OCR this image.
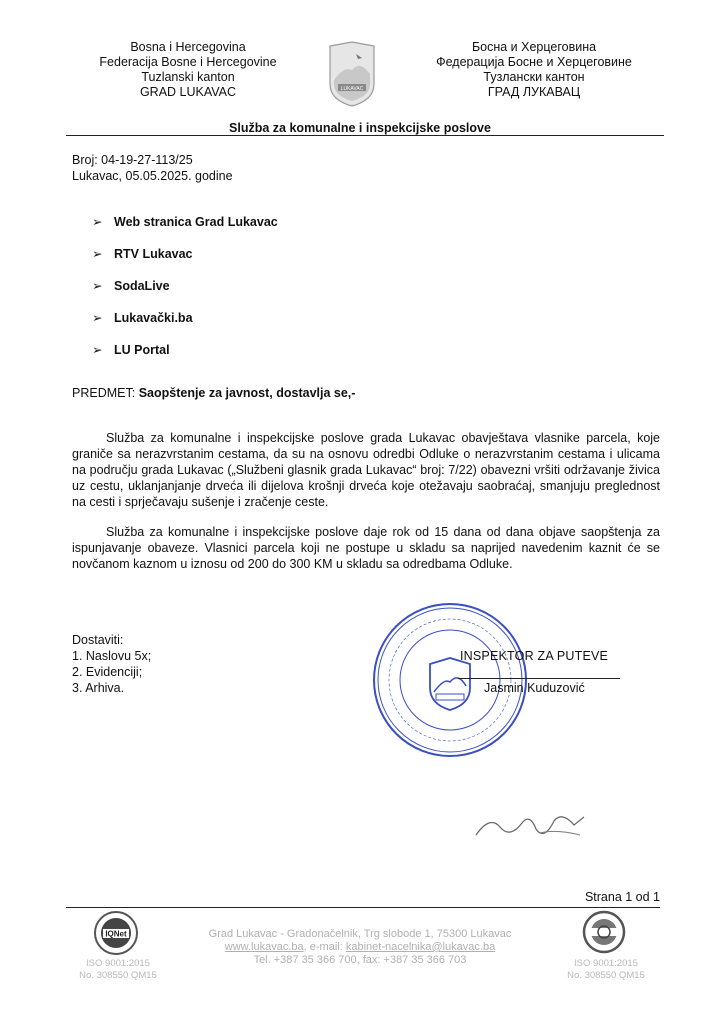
Bosna i Hercegovina
Federacija Bosne i Hercegovine
Tuzlanski kanton
GRAD LUKAVAC	LUKAVAC
Босна и Херцеговина
Федерација Босне и Херцеговине
Тузлански кантон
ГРАД ЛУКАВАЦ
Služba za komunalne i inspekcijske poslove
Broj: 04-19-27-113/25
Lukavac, 05.05.2025. godine
➢ Web stranica Grad Lukavac
➢ RTV Lukavac
➢ SodaLive
➢ Lukavački.ba
➢ LU Portal
PREDMET: Saopštenje za javnost, dostavlja se,-
Služba za komunalne i inspekcijske poslove grada Lukavac obavještava vlasnike parcela, koje graniče sa nerazvrstanim cestama, da su na osnovu odredbi Odluke o nerazvrstanim cestama i ulicama na području grada Lukavac („Službeni glasnik grada Lukavac“ broj: 7/22) obavezni vršiti održavanje živica uz cestu, uklanjanjanje drveća ili dijelova krošnji drveća koje otežavaju saobraćaj, smanjuju preglednost na cesti i sprječavaju sušenje i zračenje ceste.
Služba za komunalne i inspekcijske poslove daje rok od 15 dana od dana objave saopštenja za ispunjavanje obaveze. Vlasnici parcela koji ne postupe u skladu sa naprijed navedenim kaznit će se novčanom kaznom u iznosu od 200 do 300 KM u skladu sa odredbama Odluke.
Dostaviti:
1. Naslovu 5x;
2. Evidenciji;
3. Arhiva.
INSPEKTOR ZA PUTEVE
Jasmin Kuduzović
Strana 1 od 1
IQNet
ISO 9001:2015
No. 308550 QM15
Grad Lukavac - Gradonačelnik, Trg slobode 1, 75300 Lukavac
www.lukavac.ba, e-mail: kabinet-nacelnika@lukavac.ba
Tel. +387 35 366 700, fax: +387 35 366 703	ISO 9001:2015
No. 308550 QM15
